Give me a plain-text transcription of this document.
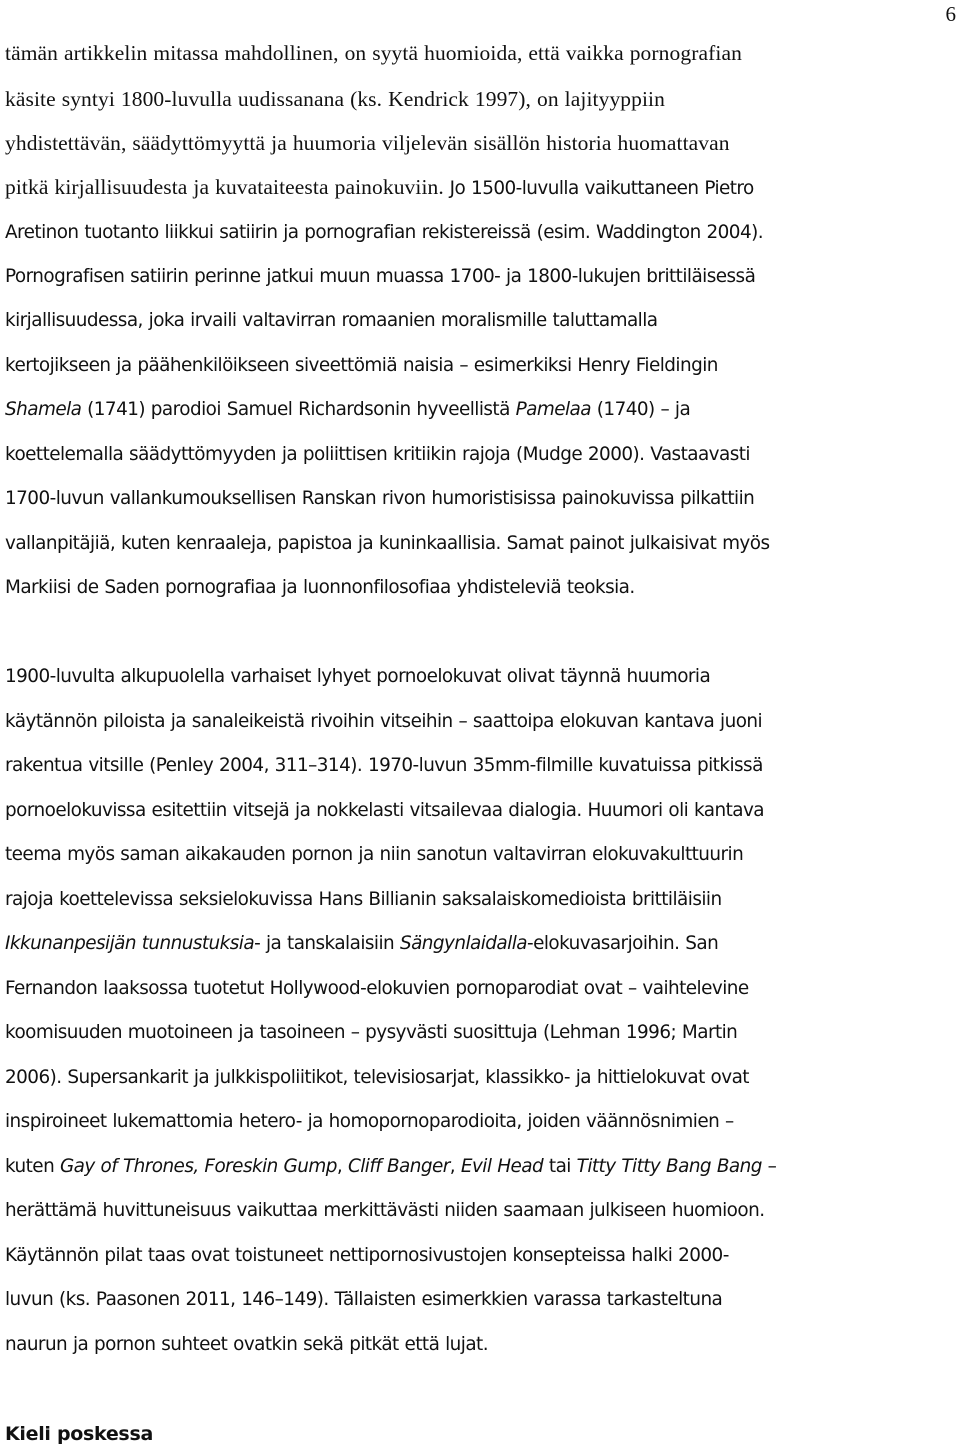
6
tämän artikkelin mitassa mahdollinen, on syytä huomioida, että vaikka pornografian
käsite syntyi 1800-luvulla uudissanana (ks. Kendrick 1997), on lajityyppiin
yhdistettävän, säädyttömyyttä ja huumoria viljelevän sisällön historia huomattavan
pitkä kirjallisuudesta ja kuvataiteesta painokuviin. Jo 1500-luvulla vaikuttaneen Pietro
Aretinon tuotanto liikkui satiirin ja pornografian rekistereissä (esim. Waddington 2004).
Pornografisen satiirin perinne jatkui muun muassa 1700- ja 1800-lukujen brittiläisessä
kirjallisuudessa, joka irvaili valtavirran romaanien moralismille taluttamalla
kertojikseen ja päähenkilöikseen siveettömiä naisia – esimerkiksi Henry Fieldingin
Shamela (1741) parodioi Samuel Richardsonin hyveellistä Pamelaa (1740) – ja
koettelemalla säädyttömyyden ja poliittisen kritiikin rajoja (Mudge 2000). Vastaavasti
1700-luvun vallankumouksellisen Ranskan rivon humoristisissa painokuvissa pilkattiin
vallanpitäjiä, kuten kenraaleja, papistoa ja kuninkaallisia. Samat painot julkaisivat myös
Markiisi de Saden pornografiaa ja luonnonfilosofiaa yhdisteleviä teoksia.
1900-luvulta alkupuolella varhaiset lyhyet pornoelokuvat olivat täynnä huumoria
käytännön piloista ja sanaleikeistä rivoihin vitseihin – saattoipa elokuvan kantava juoni
rakentua vitsille (Penley 2004, 311–314). 1970-luvun 35mm-filmille kuvatuissa pitkissä
pornoelokuvissa esitettiin vitsejä ja nokkelasti vitsailevaa dialogia. Huumori oli kantava
teema myös saman aikakauden pornon ja niin sanotun valtavirran elokuvakulttuurin
rajoja koettelevissa seksielokuvissa Hans Billianin saksalaiskomedioista brittiläisiin
Ikkunanpesijän tunnustuksia- ja tanskalaisiin Sängynlaidalla-elokuvasarjoihin. San
Fernandon laaksossa tuotetut Hollywood-elokuvien pornoparodiat ovat – vaihtelevine
koomisuuden muotoineen ja tasoineen – pysyvästi suosittuja (Lehman 1996; Martin
2006). Supersankarit ja julkkispoliitikot, televisiosarjat, klassikko- ja hittielokuvat ovat
inspiroineet lukemattomia hetero- ja homopornoparodioita, joiden väännösnimien –
kuten Gay of Thrones, Foreskin Gump, Cliff Banger, Evil Head tai Titty Titty Bang Bang –
herättämä huvittuneisuus vaikuttaa merkittävästi niiden saamaan julkiseen huomioon.
Käytännön pilat taas ovat toistuneet nettipornosivustojen konsepteissa halki 2000-
luvun (ks. Paasonen 2011, 146–149). Tällaisten esimerkkien varassa tarkasteltuna
naurun ja pornon suhteet ovatkin sekä pitkät että lujat.
Kieli poskessa
